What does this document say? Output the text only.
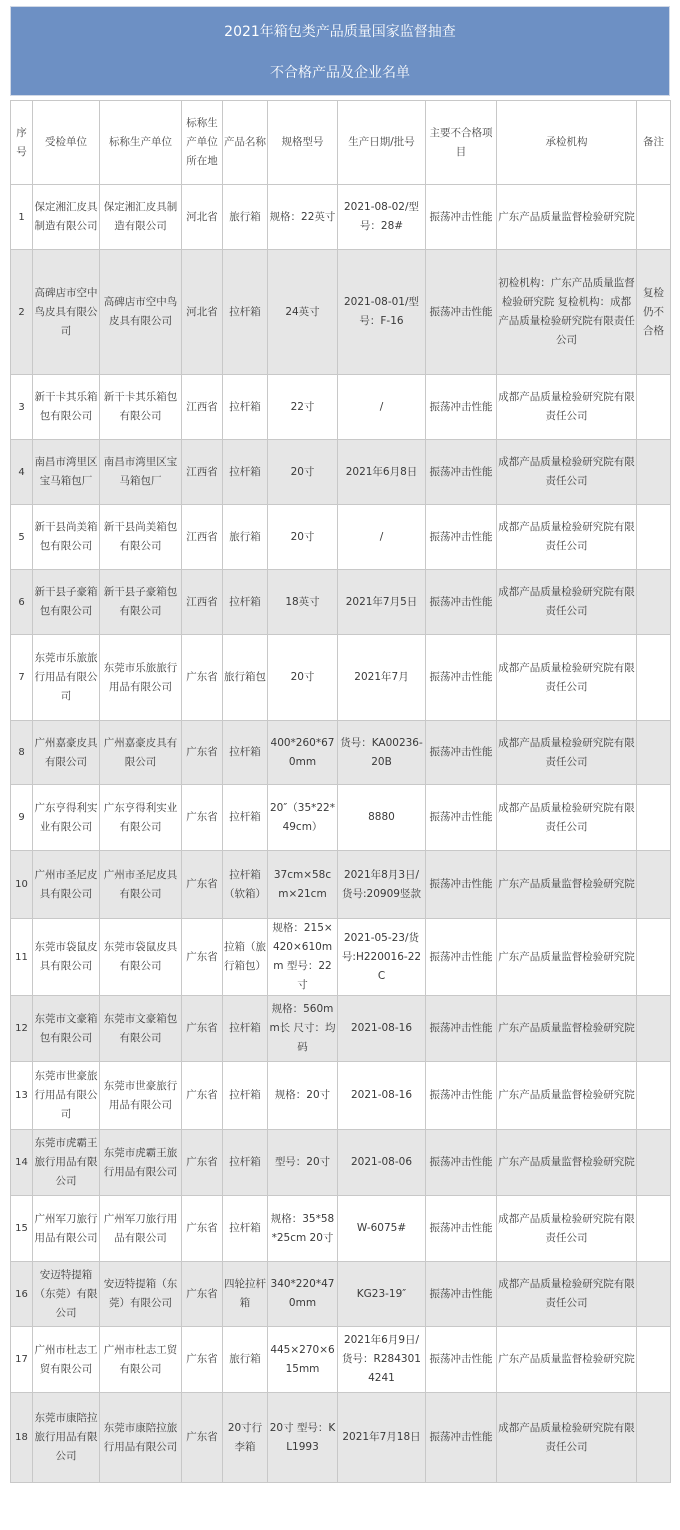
2021年箱包类产品质量国家监督抽查
不合格产品及企业名单
序号	受检单位	标称生产单位	标称生产单位所在地	产品名称	规格型号	生产日期/批号	主要不合格项目	承检机构	备注
1	保定湘汇皮具制造有限公司	保定湘汇皮具制造有限公司	河北省	旅行箱	规格：22英寸	2021-08-02/型号：28#	振荡冲击性能	广东产品质量监督检验研究院	
2	高碑店市空中鸟皮具有限公司	高碑店市空中鸟皮具有限公司	河北省	拉杆箱	24英寸	2021-08-01/型号：F-16	振荡冲击性能	初检机构：广东产品质量监督检验研究院 复检机构：成都产品质量检验研究院有限责任公司	复检仍不合格
3	新干卡其乐箱包有限公司	新干卡其乐箱包有限公司	江西省	拉杆箱	22寸	/	振荡冲击性能	成都产品质量检验研究院有限责任公司	
4	南昌市湾里区宝马箱包厂	南昌市湾里区宝马箱包厂	江西省	拉杆箱	20寸	2021年6月8日	振荡冲击性能	成都产品质量检验研究院有限责任公司	
5	新干县尚美箱包有限公司	新干县尚美箱包有限公司	江西省	旅行箱	20寸	/	振荡冲击性能	成都产品质量检验研究院有限责任公司	
6	新干县子豪箱包有限公司	新干县子豪箱包有限公司	江西省	拉杆箱	18英寸	2021年7月5日	振荡冲击性能	成都产品质量检验研究院有限责任公司	
7	东莞市乐旅旅行用品有限公司	东莞市乐旅旅行用品有限公司	广东省	旅行箱包	20寸	2021年7月	振荡冲击性能	成都产品质量检验研究院有限责任公司	
8	广州嘉豪皮具有限公司	广州嘉豪皮具有限公司	广东省	拉杆箱	400*260*670mm	货号：KA00236-20B	振荡冲击性能	成都产品质量检验研究院有限责任公司	
9	广东亨得利实业有限公司	广东亨得利实业有限公司	广东省	拉杆箱	20″（35*22*49cm）	8880	振荡冲击性能	成都产品质量检验研究院有限责任公司	
10	广州市圣尼皮具有限公司	广州市圣尼皮具有限公司	广东省	拉杆箱（软箱）	37cm×58cm×21cm	2021年8月3日/货号:20909竖款	振荡冲击性能	广东产品质量监督检验研究院	
11	东莞市袋鼠皮具有限公司	东莞市袋鼠皮具有限公司	广东省	拉箱（旅行箱包）	规格：215×420×610mm 型号：22寸	2021-05-23/货号:H220016-22C	振荡冲击性能	广东产品质量监督检验研究院	
12	东莞市文豪箱包有限公司	东莞市文豪箱包有限公司	广东省	拉杆箱	规格：560mm长 尺寸：均码	2021-08-16	振荡冲击性能	广东产品质量监督检验研究院	
13	东莞市世豪旅行用品有限公司	东莞市世豪旅行用品有限公司	广东省	拉杆箱	规格：20寸	2021-08-16	振荡冲击性能	广东产品质量监督检验研究院	
14	东莞市虎霸王旅行用品有限公司	东莞市虎霸王旅行用品有限公司	广东省	拉杆箱	型号：20寸	2021-08-06	振荡冲击性能	广东产品质量监督检验研究院	
15	广州军刀旅行用品有限公司	广州军刀旅行用品有限公司	广东省	拉杆箱	规格：35*58*25cm 20寸	W-6075#	振荡冲击性能	成都产品质量检验研究院有限责任公司	
16	安迈特提箱（东莞）有限公司	安迈特提箱（东莞）有限公司	广东省	四轮拉杆箱	340*220*470mm	KG23-19″	振荡冲击性能	成都产品质量检验研究院有限责任公司	
17	广州市杜志工贸有限公司	广州市杜志工贸有限公司	广东省	旅行箱	445×270×615mm	2021年6月9日/货号：R2843014241	振荡冲击性能	广东产品质量监督检验研究院	
18	东莞市康陪拉旅行用品有限公司	东莞市康陪拉旅行用品有限公司	广东省	20寸行李箱	20寸 型号：KL1993	2021年7月18日	振荡冲击性能	成都产品质量检验研究院有限责任公司	
